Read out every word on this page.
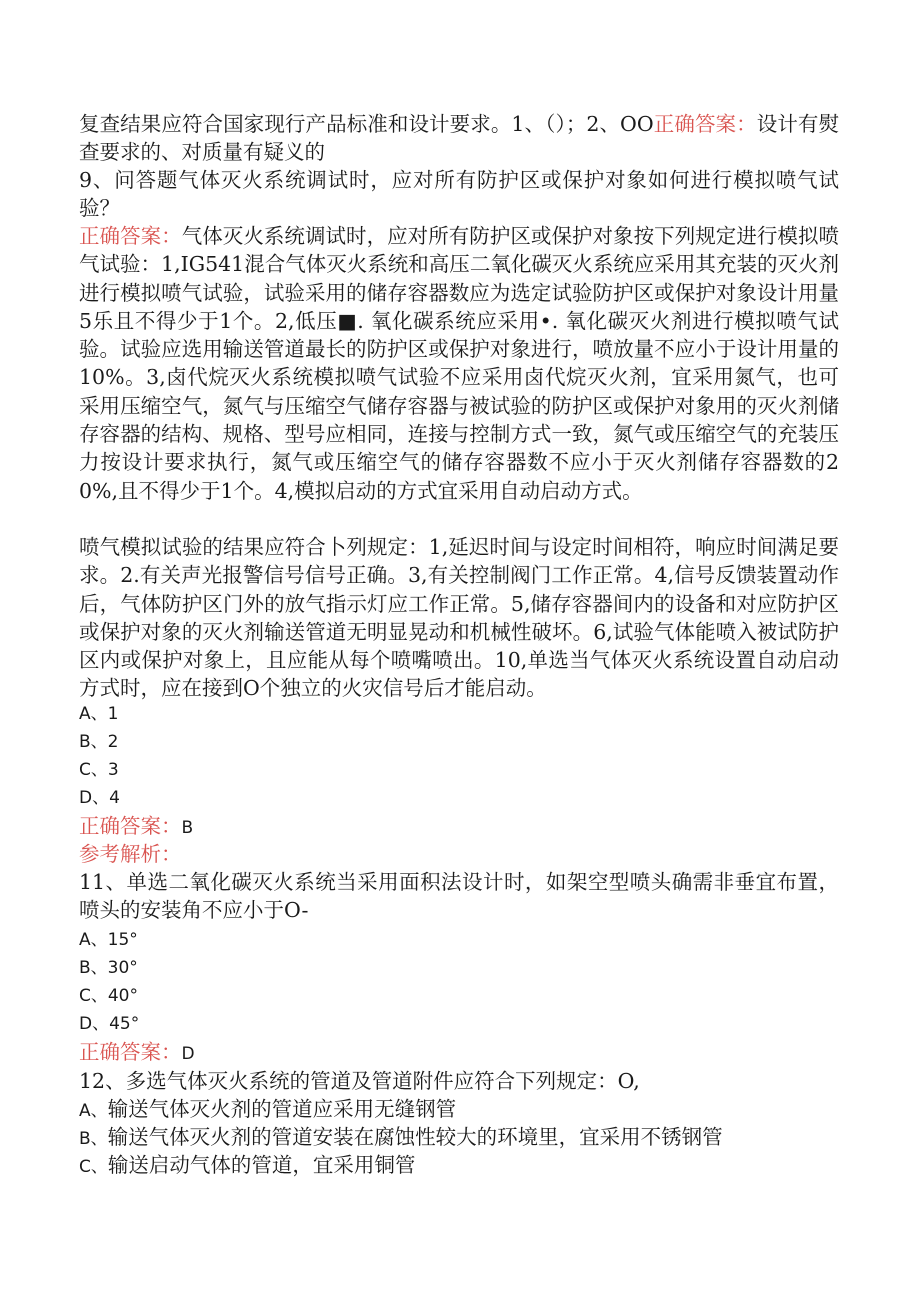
复查结果应符合国家现行产品标准和设计要求。1、（）；2、OO正确答案：设计有熨查要求的、对质量有疑义的

9、问答题气体灭火系统调试时，应对所有防护区或保护对象如何进行模拟喷气试验？

正确答案：气体灭火系统调试时，应对所有防护区或保护对象按下列规定进行模拟喷气试验：1,IG541混合气体灭火系统和高压二氧化碳灭火系统应采用其充装的灭火剂进行模拟喷气试验，试验采用的储存容器数应为选定试验防护区或保护对象设计用量5乐且不得少于1个。2,低压■. 氧化碳系统应采用•. 氧化碳灭火剂进行模拟喷气试验。试验应选用输送管道最长的防护区或保护对象进行，喷放量不应小于设计用量的10%。3,卤代烷灭火系统模拟喷气试验不应采用卤代烷灭火剂，宜采用氮气，也可采用压缩空气，氮气与压缩空气储存容器与被试验的防护区或保护对象用的灭火剂储存容器的结构、规格、型号应相同，连接与控制方式一致，氮气或压缩空气的充装压力按设计要求执行，氮气或压缩空气的储存容器数不应小于灭火剂储存容器数的20%,且不得少于1个。4,模拟启动的方式宜采用自动启动方式。

喷气模拟试验的结果应符合卜列规定：1,延迟时间与设定时间相符，响应时间满足要求。2.有关声光报警信号信号正确。3,有关控制阀门工作正常。4,信号反馈装置动作后，气体防护区门外的放气指示灯应工作正常。5,储存容器间内的设备和对应防护区或保护对象的灭火剂输送管道无明显晃动和机械性破坏。6,试验气体能喷入被试防护区内或保护对象上，且应能从每个喷嘴喷出。10,单选当气体灭火系统设置自动启动方式时，应在接到O个独立的火灾信号后才能启动。

A、1

B、2

C、3

D、4

正确答案：B

参考解析：

11、单选二氧化碳灭火系统当采用面积法设计时，如架空型喷头确需非垂宜布置，喷头的安装角不应小于O-

A、15°

B、30°

C、40°

D、45°

正确答案：D

12、多选气体灭火系统的管道及管道附件应符合下列规定：O,

A、输送气体灭火剂的管道应采用无缝钢管

B、输送气体灭火剂的管道安装在腐蚀性较大的环境里，宜采用不锈钢管

C、输送启动气体的管道，宜采用铜管
